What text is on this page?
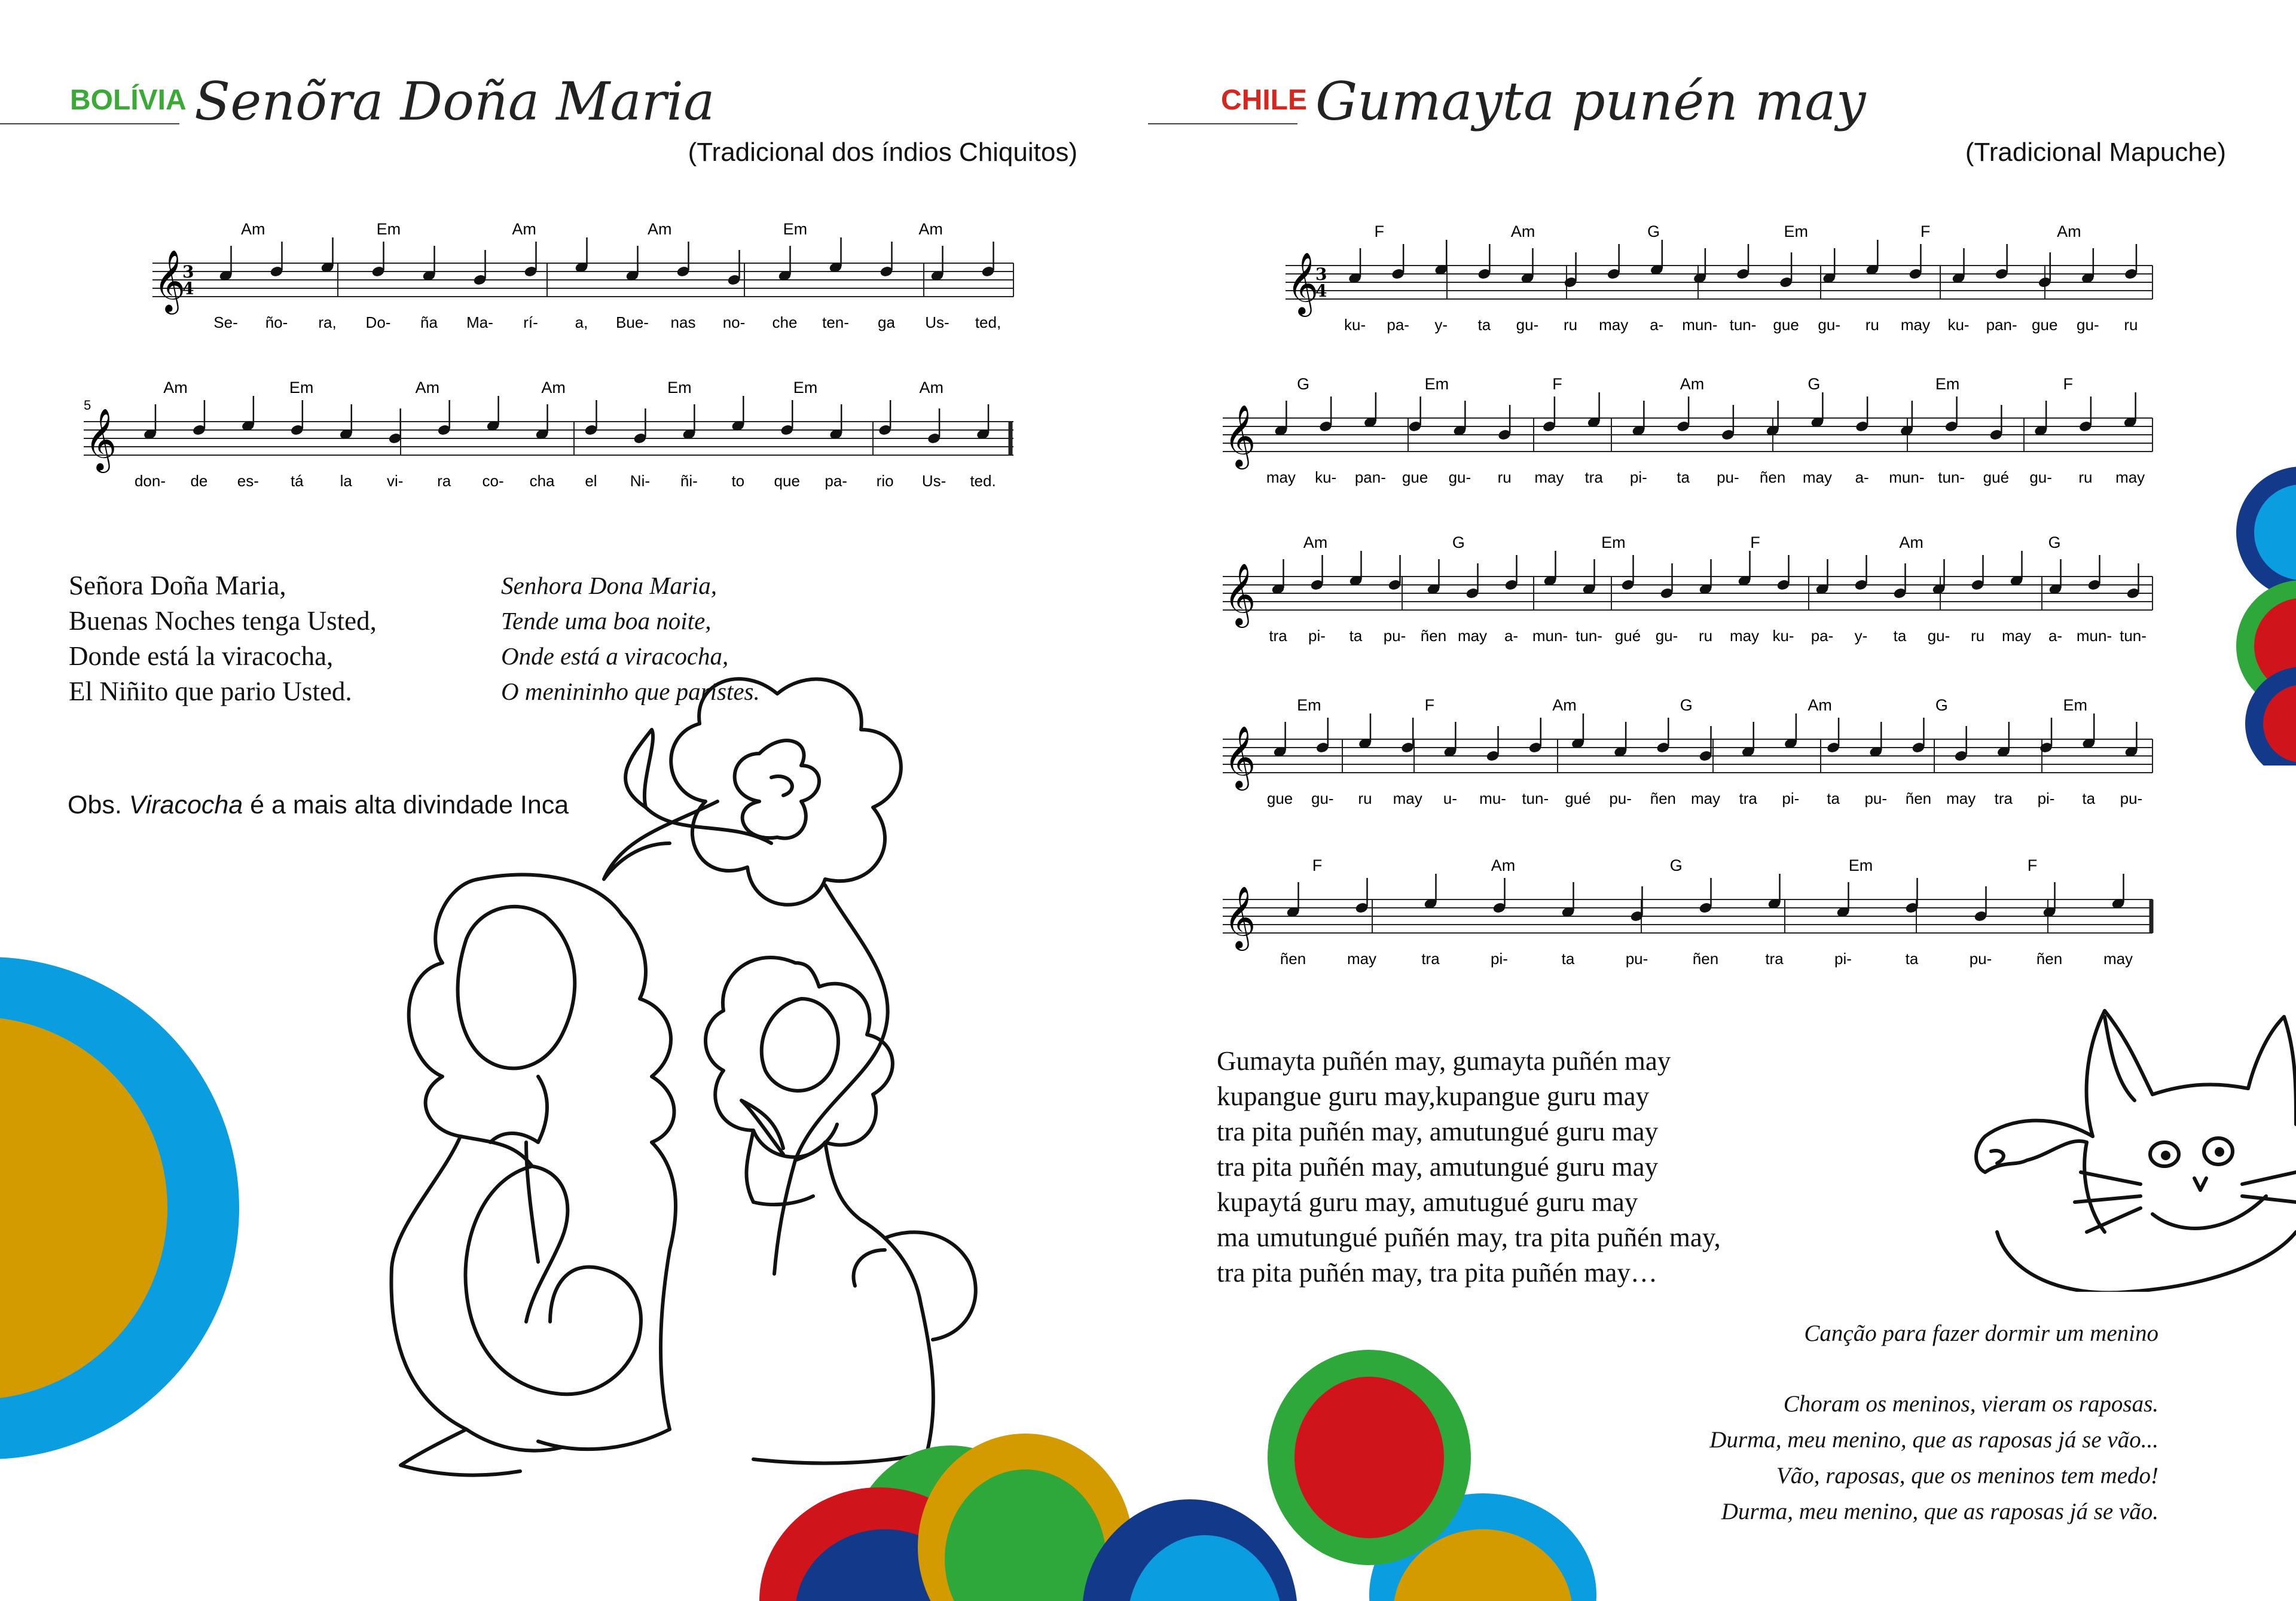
BOLÍVIA Senõra Doña Maria
(Tradicional dos índios Chiquitos)
𝄞
3
4
Am	Em	Am	Am	Em	Am
Se- ño- ra, Do- ña Ma- rí- a, Bue- nas no- che ten- ga Us- ted,
5
𝄞
Am	Em	Am	Am	Em	Em	Am
don- de es- tá la vi- ra co- cha el Ni- ñi- to que pa- rio Us- ted.
Señora Doña Maria,
Buenas Noches tenga Usted,
Donde está la viracocha,
El Niñito que pario Usted.
Senhora Dona Maria,
Tende uma boa noite,
Onde está a viracocha,
O menininho que paristes.
Obs. Viracocha é a mais alta divindade Inca
CHILE Gumayta punén may
(Tradicional Mapuche)
𝄞
3
4
F	Am	G	Em	F	Am
ku- pa- y- ta gu- ru may a- mun- tun- gue gu- ru may ku- pan- gue gu- ru
𝄞
G	Em	F	Am	G	Em	F
may ku- pan- gue gu- ru may tra pi- ta pu- ñen may a- mun- tun- gué gu- ru may
𝄞
Am	G	Em	F	Am	G
tra pi- ta pu- ñen may a- mun- tun- gué gu- ru may ku- pa- y- ta gu- ru may a- mun- tun-
𝄞
Em	F	Am	G	Am	G	Em
gue gu- ru may u- mu- tun- gué pu- ñen may tra pi- ta pu- ñen may tra pi- ta pu-
𝄞
F	Am	G	Em	F
ñen	may	tra	pi-	ta	pu-	ñen	tra	pi-	ta	pu-	ñen	may
Gumayta puñén may, gumayta puñén may
kupangue guru may,kupangue guru may
tra pita puñén may, amutungué guru may
tra pita puñén may, amutungué guru may
kupaytá guru may, amutugué guru may
ma umutungué puñén may, tra pita puñén may,
tra pita puñén may, tra pita puñén may…
Canção para fazer dormir um menino
Choram os meninos, vieram os raposas.
Durma, meu menino, que as raposas já se vão...
Vão, raposas, que os meninos tem medo!
Durma, meu menino, que as raposas já se vão.
